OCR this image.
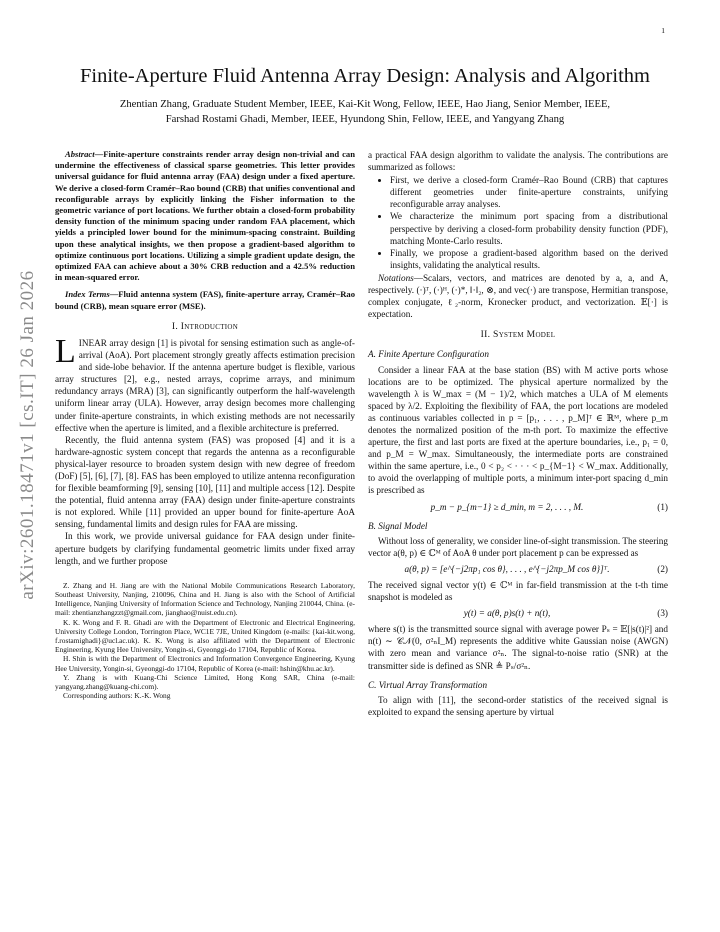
1
arXiv:2601.18471v1 [cs.IT] 26 Jan 2026
Finite-Aperture Fluid Antenna Array Design: Analysis and Algorithm
Zhentian Zhang, Graduate Student Member, IEEE, Kai-Kit Wong, Fellow, IEEE, Hao Jiang, Senior Member, IEEE,
Farshad Rostami Ghadi, Member, IEEE, Hyundong Shin, Fellow, IEEE, and Yangyang Zhang

Abstract—Finite-aperture constraints render array design non-trivial and can undermine the effectiveness of classical sparse geometries. This letter provides universal guidance for fluid antenna array (FAA) design under a fixed aperture. We derive a closed-form Cramér–Rao bound (CRB) that unifies conventional and reconfigurable arrays by explicitly linking the Fisher information to the geometric variance of port locations. We further obtain a closed-form probability density function of the minimum spacing under random FAA placement, which yields a principled lower bound for the minimum-spacing constraint. Building upon these analytical insights, we then propose a gradient-based algorithm to optimize continuous port locations. Utilizing a simple gradient update design, the optimized FAA can achieve about a 30% CRB reduction and a 42.5% reduction in mean-squared error.

Index Terms—Fluid antenna system (FAS), finite-aperture array, Cramér–Rao bound (CRB), mean square error (MSE).

I. Introduction

LINEAR array design [1] is pivotal for sensing estimation such as angle-of-arrival (AoA). Port placement strongly greatly affects estimation precision and side-lobe behavior. If the antenna aperture budget is flexible, various array structures [2], e.g., nested arrays, coprime arrays, and minimum redundancy arrays (MRA) [3], can significantly outperform the half-wavelength uniform linear array (ULA). However, array design becomes more challenging under finite-aperture constraints, in which existing methods are not necessarily effective when the aperture is limited, and a flexible architecture is preferred.

Recently, the fluid antenna system (FAS) was proposed [4] and it is a hardware-agnostic system concept that regards the antenna as a reconfigurable physical-layer resource to broaden system design with new degree of freedom (DoF) [5], [6], [7], [8]. FAS has been employed to utilize antenna reconfiguration for flexible beamforming [9], sensing [10], [11] and multiple access [12]. Despite the potential, fluid antenna array (FAA) design under finite-aperture constraints is not explored. While [11] provided an upper bound for finite-aperture AoA sensing, fundamental limits and design rules for FAA are missing.

In this work, we provide universal guidance for FAA design under finite-aperture budgets by clarifying fundamental geometric limits under fixed array length, and we further propose

Z. Zhang and H. Jiang are with the National Mobile Communications Research Laboratory, Southeast University, Nanjing, 210096, China and H. Jiang is also with the School of Artificial Intelligence, Nanjing University of Information Science and Technology, Nanjing 210044, China. (e-mail: zhentianzhangzzt@gmail.com, jianghao@nuist.edu.cn).

K. K. Wong and F. R. Ghadi are with the Department of Electronic and Electrical Engineering, University College London, Torrington Place, WC1E 7JE, United Kingdom (e-mails: {kai-kit.wong, f.rostamighadi}@ucl.ac.uk). K. K. Wong is also affiliated with the Department of Electronic Engineering, Kyung Hee University, Yongin-si, Gyeonggi-do 17104, Republic of Korea.

H. Shin is with the Department of Electronics and Information Convergence Engineering, Kyung Hee University, Yongin-si, Gyeonggi-do 17104, Republic of Korea (e-mail: hshin@khu.ac.kr).

Y. Zhang is with Kuang-Chi Science Limited, Hong Kong SAR, China (e-mail: yangyang.zhang@kuang-chi.com).

Corresponding authors: K.-K. Wong

a practical FAA design algorithm to validate the analysis. The contributions are summarized as follows:

• First, we derive a closed-form Cramér–Rao Bound (CRB) that captures different geometries under finite-aperture constraints, unifying reconfigurable array analyses.
• We characterize the minimum port spacing from a distributional perspective by deriving a closed-form probability density function (PDF), matching Monte-Carlo results.
• Finally, we propose a gradient-based algorithm based on the derived insights, validating the analytical results.

Notations—Scalars, vectors, and matrices are denoted by a, a, and A, respectively. (·)ᵀ, (·)ᴴ, (·)*, ‖·‖₂, ⊗, and vec(·) are transpose, Hermitian transpose, complex conjugate, ℓ₂-norm, Kronecker product, and vectorization. 𝔼[·] is expectation.

II. System Model
A. Finite Aperture Configuration

Consider a linear FAA at the base station (BS) with M active ports whose locations are to be optimized. The physical aperture normalized by the wavelength λ is W_max = (M − 1)/2, which matches a ULA of M elements spaced by λ/2. Exploiting the flexibility of FAA, the port locations are modeled as continuous variables collected in p = [p₁, . . . , p_M]ᵀ ∈ ℝᴹ, where p_m denotes the normalized position of the m-th port. To maximize the effective aperture, the first and last ports are fixed at the aperture boundaries, i.e., p₁ = 0, and p_M = W_max. Simultaneously, the intermediate ports are constrained within the same aperture, i.e., 0 < p₂ < · · · < p_{M−1} < W_max. Additionally, to avoid the overlapping of multiple ports, a minimum inter-port spacing d_min is prescribed as

p_m − p_{m−1} ≥ d_min, m = 2, . . . , M.	(1)
B. Signal Model

Without loss of generality, we consider line-of-sight transmission. The steering vector a(θ, p) ∈ ℂᴹ of AoA θ under port placement p can be expressed as

a(θ, p) = [e^{−j2πp₁ cos θ}, . . . , e^{−j2πp_M cos θ}]ᵀ.	(2)

The received signal vector y(t) ∈ ℂᴹ in far-field transmission at the t-th time snapshot is modeled as

y(t) = a(θ, p)s(t) + n(t),	(3)

where s(t) is the transmitted source signal with average power Pₛ = 𝔼[|s(t)|²] and n(t) ∼ 𝒞𝒩(0, σ²ₙI_M) represents the additive white Gaussian noise (AWGN) with zero mean and variance σ²ₙ. The signal-to-noise ratio (SNR) at the transmitter side is defined as SNR ≜ Pₛ/σ²ₙ.

C. Virtual Array Transformation

To align with [11], the second-order statistics of the received signal is exploited to expand the sensing aperture by virtual
